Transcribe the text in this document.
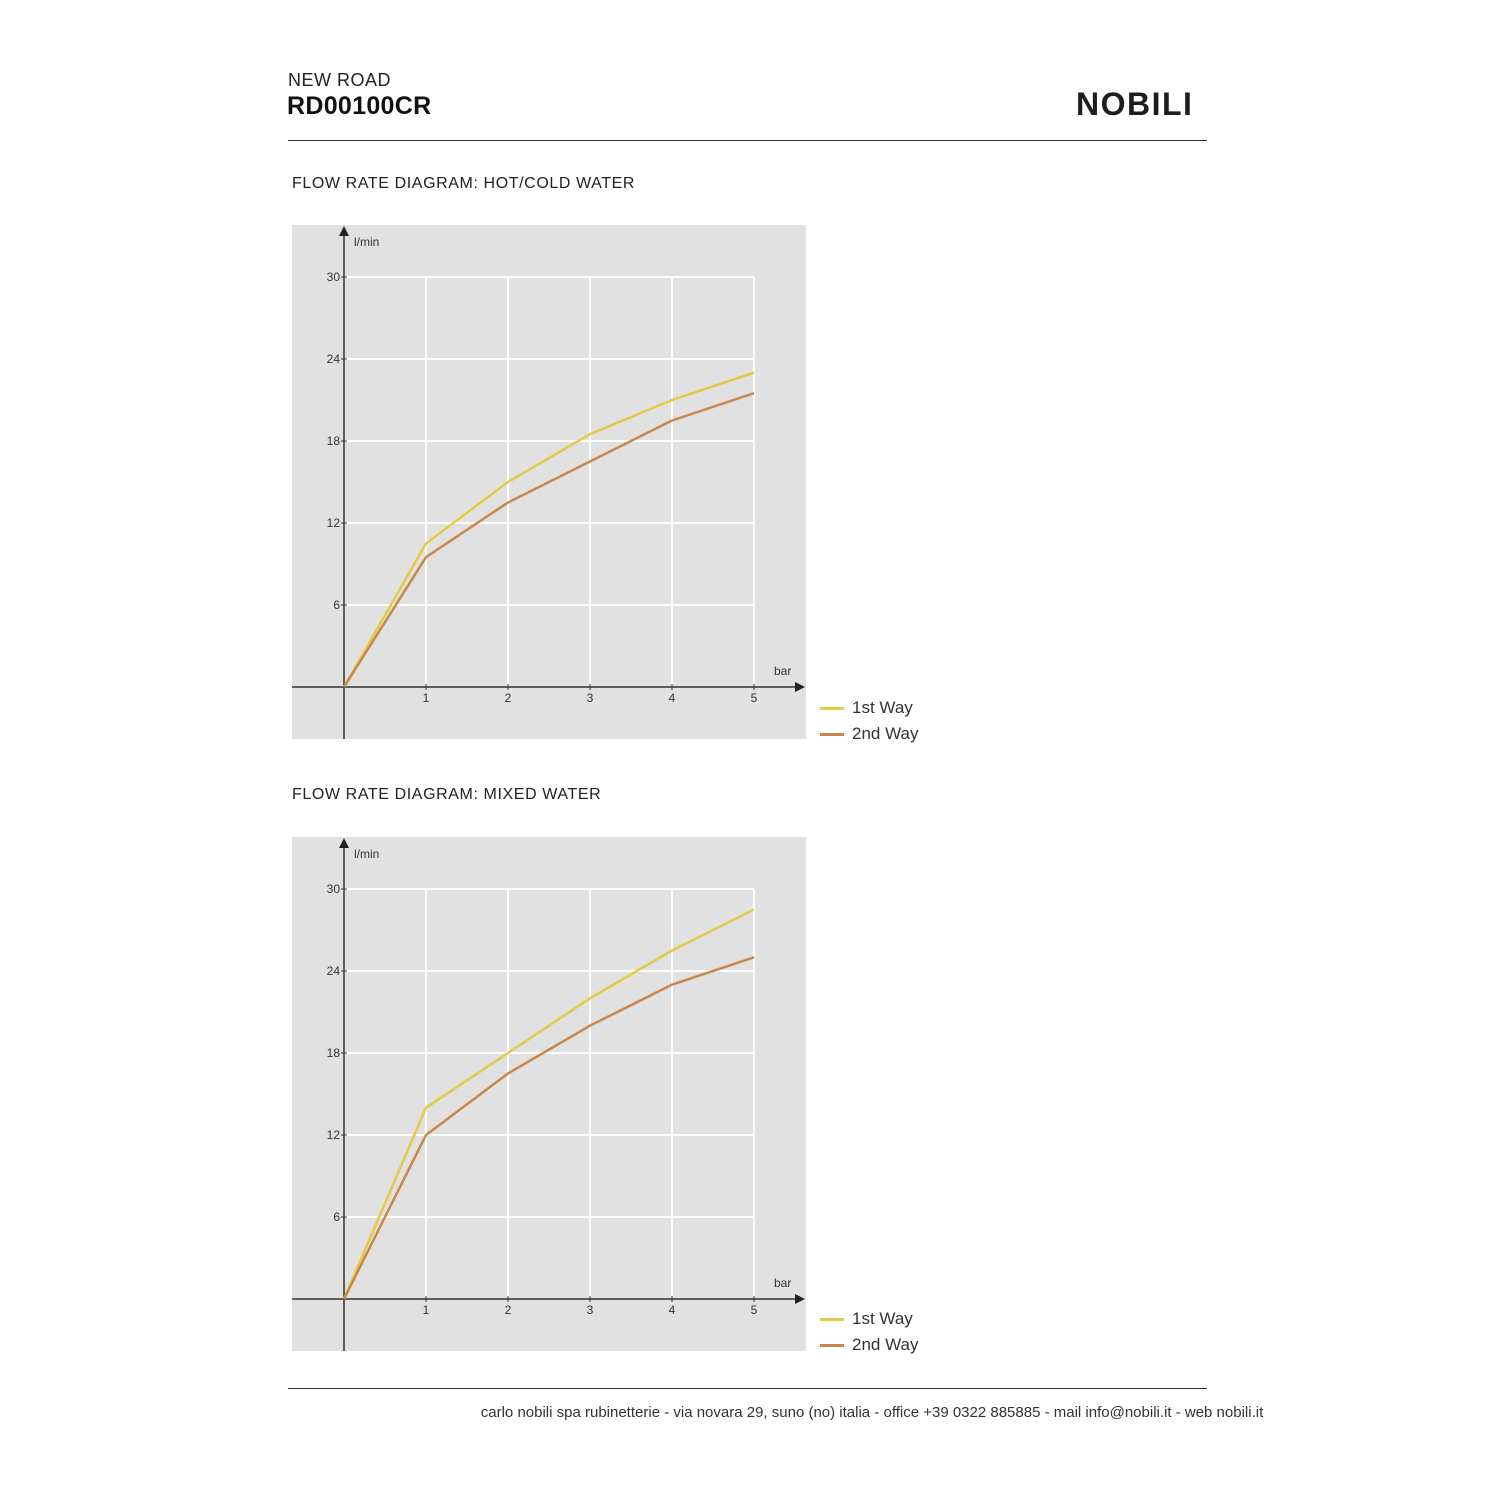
NEW ROAD
RD00100CR	NOBILI
FLOW RATE DIAGRAM: HOT/COLD WATER
6
12
18
24
30
1	2	3	4	5
l/min
bar
1st Way
2nd Way
FLOW RATE DIAGRAM: MIXED WATER
6
12
18
24
30
1	2	3	4	5
l/min
bar
1st Way
2nd Way
carlo nobili spa rubinetterie - via novara 29, suno (no) italia - office +39 0322 885885 - mail info@nobili.it - web nobili.it
